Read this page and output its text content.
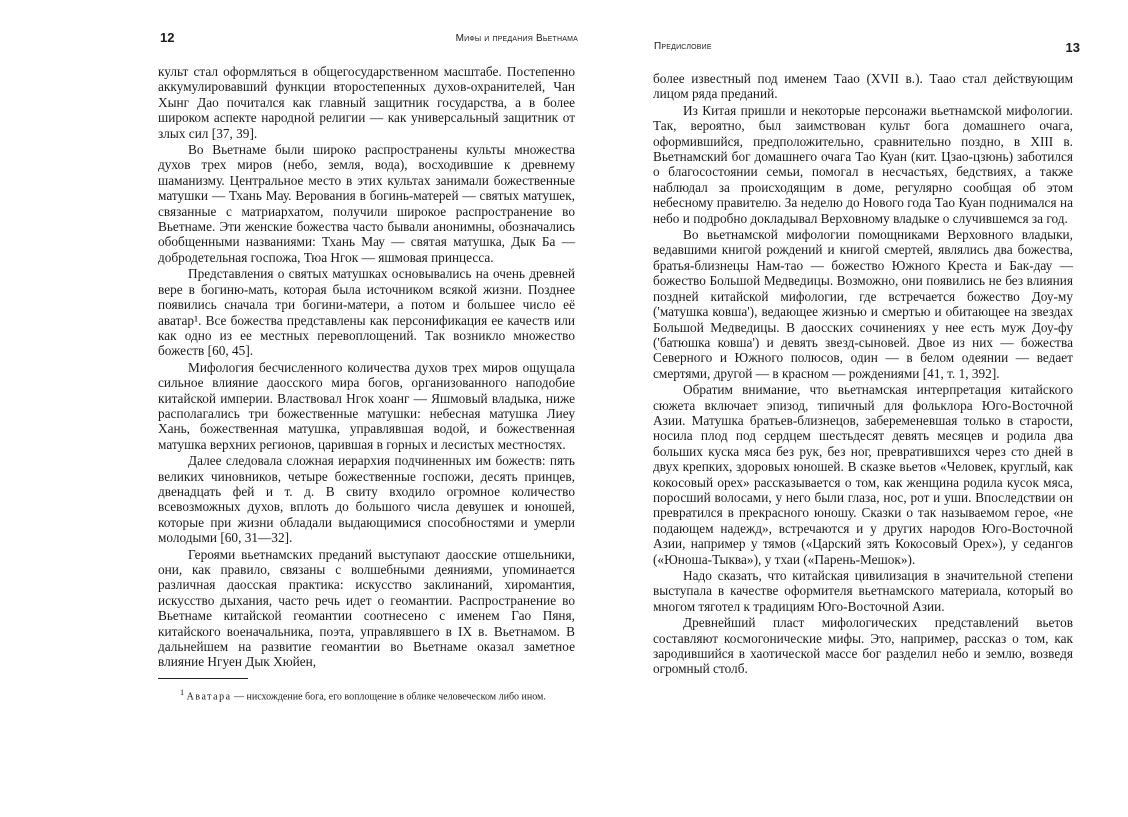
12	Мифы и предания Вьетнама

культ стал оформляться в общегосударственном масштабе. Постепенно аккумулировавший функции второстепенных духов-охранителей, Чан Хынг Дао почитался как главный защитник государства, а в более широком аспекте народной религии — как универсальный защитник от злых сил [37, 39].

Во Вьетнаме были широко распространены культы множества духов трех миров (небо, земля, вода), восходившие к древнему шаманизму. Центральное место в этих культах занимали божественные матушки — Тхань Мау. Верования в богинь-матерей — святых матушек, связанные с матриархатом, получили широкое распространение во Вьетнаме. Эти женские божества часто бывали анонимны, обозначались обобщенными названиями: Тхань Мау — святая матушка, Дык Ба — добродетельная госпожа, Тюа Нгок — яшмовая принцесса.

Представления о святых матушках основывались на очень древней вере в богиню-мать, которая была источником всякой жизни. Позднее появились сначала три богини-матери, а потом и большее число её аватар¹. Все божества представлены как персонификация ее качеств или как одно из ее местных перевоплощений. Так возникло множество божеств [60, 45].

Мифология бесчисленного количества духов трех миров ощущала сильное влияние даосского мира богов, организованного наподобие китайской империи. Властвовал Нгок хоанг — Яшмовый владыка, ниже располагались три божественные матушки: небесная матушка Лиеу Хань, божественная матушка, управлявшая водой, и божественная матушка верхних регионов, царившая в горных и лесистых местностях.

Далее следовала сложная иерархия подчиненных им божеств: пять великих чиновников, четыре божественные госпожи, десять принцев, двенадцать фей и т. д. В свиту входило огромное количество всевозможных духов, вплоть до большого числа девушек и юношей, которые при жизни обладали выдающимися способностями и умерли молодыми [60, 31—32].

Героями вьетнамских преданий выступают даосские отшельники, они, как правило, связаны с волшебными деяниями, упоминается различная даосская практика: искусство заклинаний, хиромантия, искусство дыхания, часто речь идет о геомантии. Распространение во Вьетнаме китайской геомантии соотнесено с именем Гао Пяня, китайского военачальника, поэта, управлявшего в IX в. Вьетнамом. В дальнейшем на развитие геомантии во Вьетнаме оказал заметное влияние Нгуен Дык Хюйен,

$^1$ Аватара — нисхождение бога, его воплощение в облике человеческом либо ином.

Предисловие	13

более известный под именем Таао (XVII в.). Таао стал действующим лицом ряда преданий.

Из Китая пришли и некоторые персонажи вьетнамской мифологии. Так, вероятно, был заимствован культ бога домашнего очага, оформившийся, предположительно, сравнительно поздно, в XIII в. Вьетнамский бог домашнего очага Тао Куан (кит. Цзао-цзюнь) заботился о благосостоянии семьи, помогал в несчастьях, бедствиях, а также наблюдал за происходящим в доме, регулярно сообщая об этом небесному правителю. За неделю до Нового года Тао Куан поднимался на небо и подробно докладывал Верховному владыке о случившемся за год.

Во вьетнамской мифологии помощниками Верховного владыки, ведавшими книгой рождений и книгой смертей, являлись два божества, братья-близнецы Нам-тао — божество Южного Креста и Бак-дау — божество Большой Медведицы. Возможно, они появились не без влияния поздней китайской мифологии, где встречается божество Доу-му ('матушка ковша'), ведающее жизнью и смертью и обитающее на звездах Большой Медведицы. В даосских сочинениях у нее есть муж Доу-фу ('батюшка ковша') и девять звезд-сыновей. Двое из них — божества Северного и Южного полюсов, один — в белом одеянии — ведает смертями, другой — в красном — рождениями [41, т. 1, 392].

Обратим внимание, что вьетнамская интерпретация китайского сюжета включает эпизод, типичный для фольклора Юго-Восточной Азии. Матушка братьев-близнецов, забеременевшая только в старости, носила плод под сердцем шестьдесят девять месяцев и родила два больших куска мяса без рук, без ног, превратившихся через сто дней в двух крепких, здоровых юношей. В сказке вьетов «Человек, круглый, как кокосовый орех» рассказывается о том, как женщина родила кусок мяса, поросший волосами, у него были глаза, нос, рот и уши. Впоследствии он превратился в прекрасного юношу. Сказки о так называемом герое, «не подающем надежд», встречаются и у других народов Юго-Восточной Азии, например у тямов («Царский зять Кокосовый Орех»), у седангов («Юноша-Тыква»), у тхаи («Парень-Мешок»).

Надо сказать, что китайская цивилизация в значительной степени выступала в качестве оформителя вьетнамского материала, который во многом тяготел к традициям Юго-Восточной Азии.

Древнейший пласт мифологических представлений вьетов составляют космогонические мифы. Это, например, рассказ о том, как зародившийся в хаотической массе бог разделил небо и землю, возведя огромный столб.
